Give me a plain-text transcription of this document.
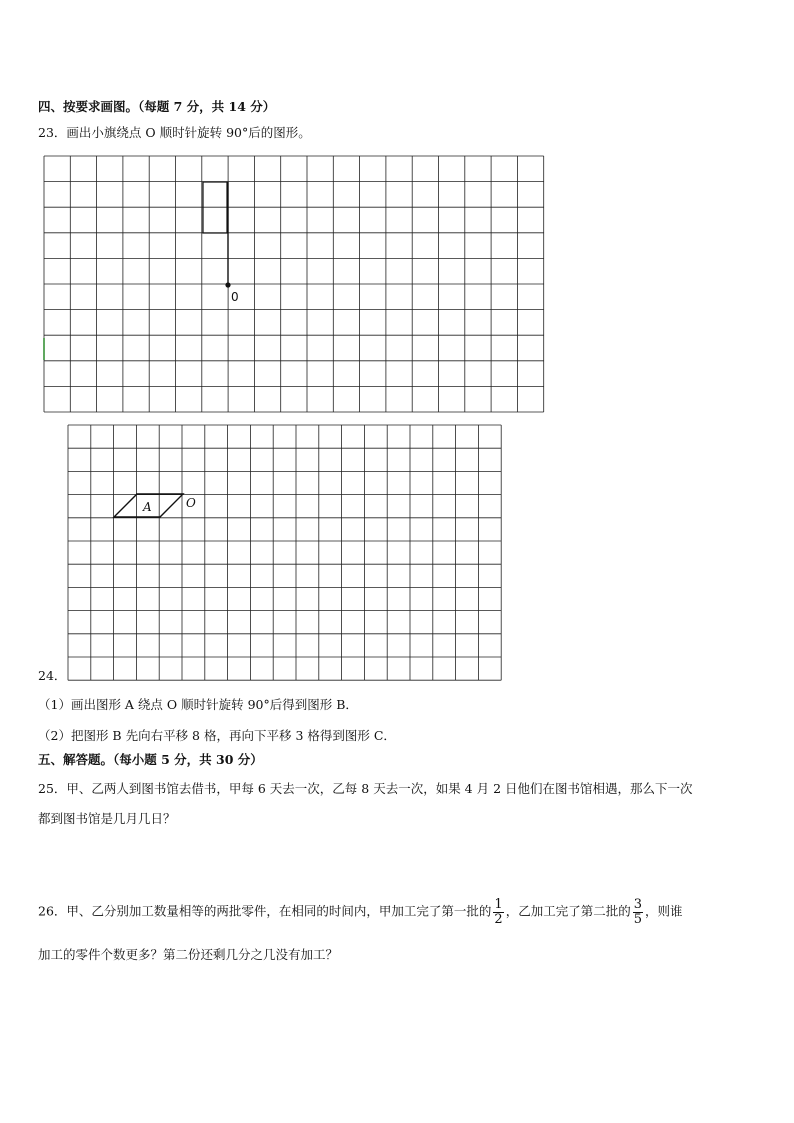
四、按要求画图。（每题 7 分，共 14 分）
23．画出小旗绕点 O 顺时针旋转 90°后的图形。
0
A	O
24．
（1）画出图形 A 绕点 O 顺时针旋转 90°后得到图形 B．
（2）把图形 B 先向右平移 8 格，再向下平移 3 格得到图形 C．
五、解答题。（每小题 5 分，共 30 分）
25．甲、乙两人到图书馆去借书，甲每 6 天去一次，乙每 8 天去一次，如果 4 月 2 日他们在图书馆相遇，那么下一次
都到图书馆是几月几日？
26．甲、乙分别加工数量相等的两批零件，在相同的时间内，甲加工完了第一批的 $\frac{1}{2}$ ，乙加工完了第二批的 $\frac{3}{5}$ ，则谁
加工的零件个数更多？第二份还剩几分之几没有加工？
